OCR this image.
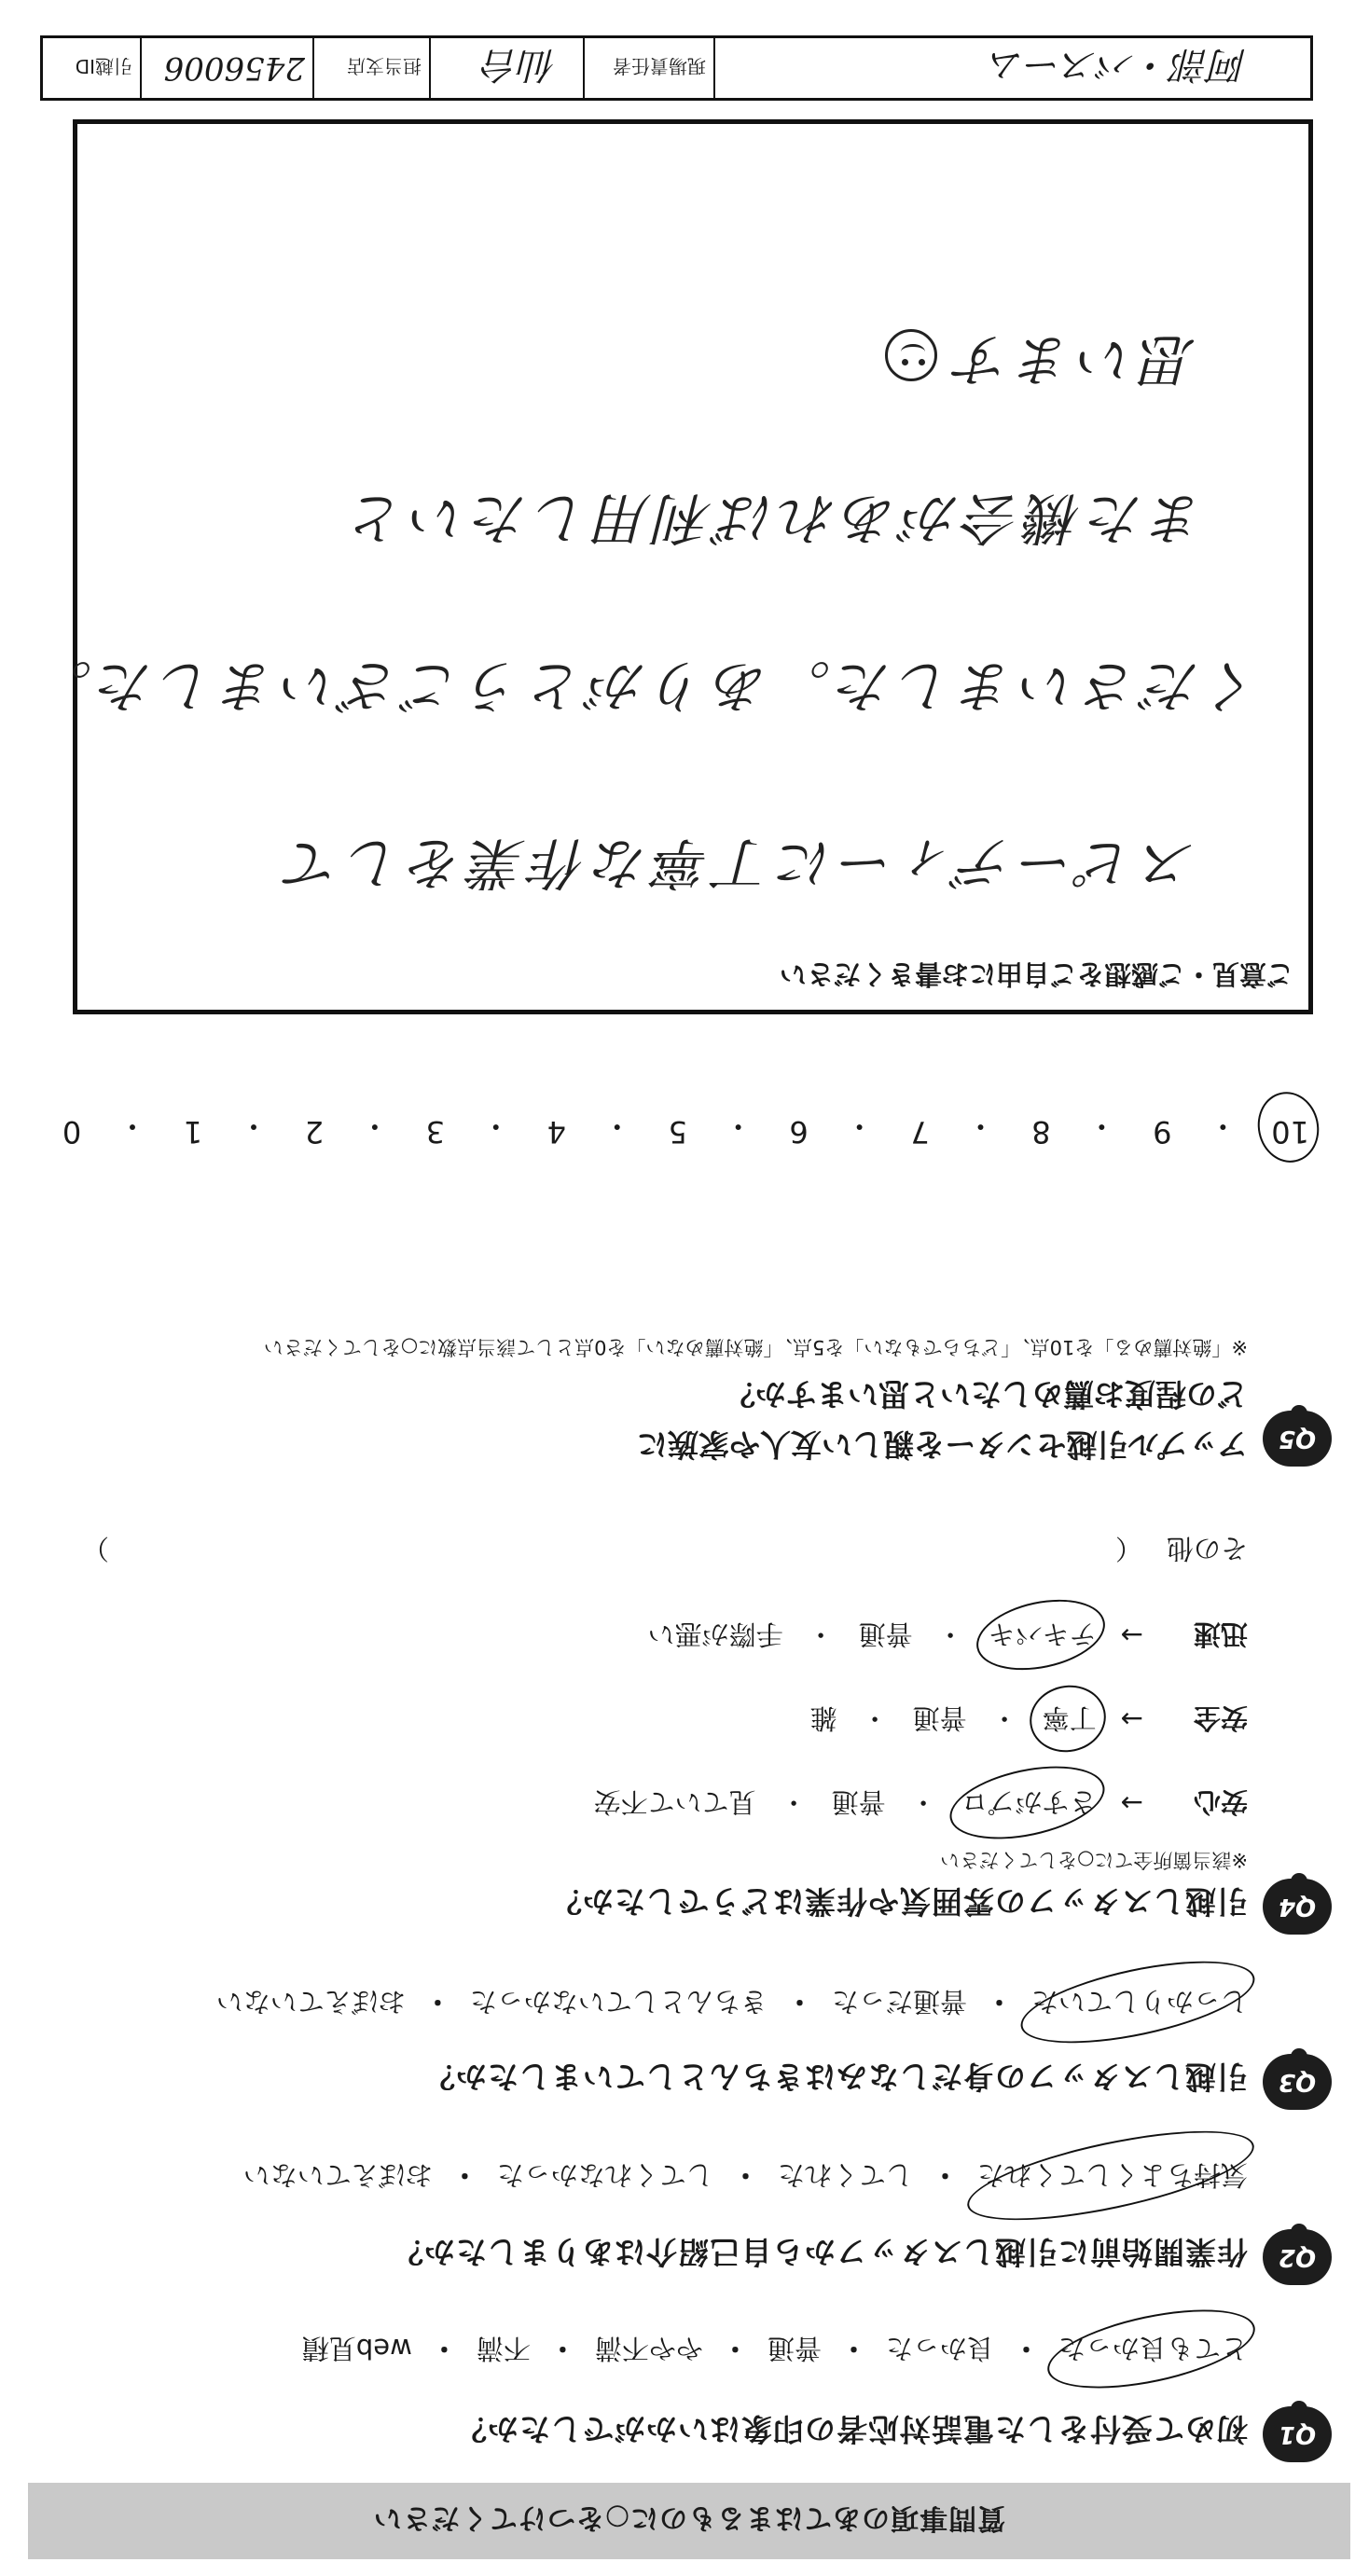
質問事項のあてはまるものに○をつけてください
Q1
初めて受付をした電話対応者の印象はいかがでしたか？
とても良かった
・
良かった
・
普通
・
やや不満
・
不満
・
web見積
Q2
作業開始前に引越しスタッフから自己紹介はありましたか？
気持ちよくしてくれた
・
してくれた
・
してくれなかった
・
おぼえていない
Q3
引越しスタッフの身だしなみはきちんとしていましたか？
しっかりしていた
・
普通だった
・
きちんとしていなかった
・
おぼえていない
Q4
引越しスタッフの雰囲気や作業はどうでしたか？
※該当箇所全てに○をしてください
安心
→
さすがプロ
・
普通
・
見ていて不安
安全
→
丁寧
・
普通
・
雑
迅速
→
テキパキ
・
普通
・
手際が悪い
その他
（
）
Q5
アップル引越センターを親しい友人や家族に
どの程度お薦めしたいと思いますか？
※「絶対薦める」を10点、「どちらでもない」を5点、「絶対薦めない」を0点として該当点数に○をしてください
10
・
9
・
8
・
7
・
6
・
5
・
4
・
3
・
2
・
1
・
0
ご意見・ご感想をご自由にお書きください
スピーディーに丁寧な作業をして
くださいました。ありがとうございました。
また機会があれば利用したいと
思います
阿部・バスーム
現場責任者
仙台
担当支店
2456006
引越ID
